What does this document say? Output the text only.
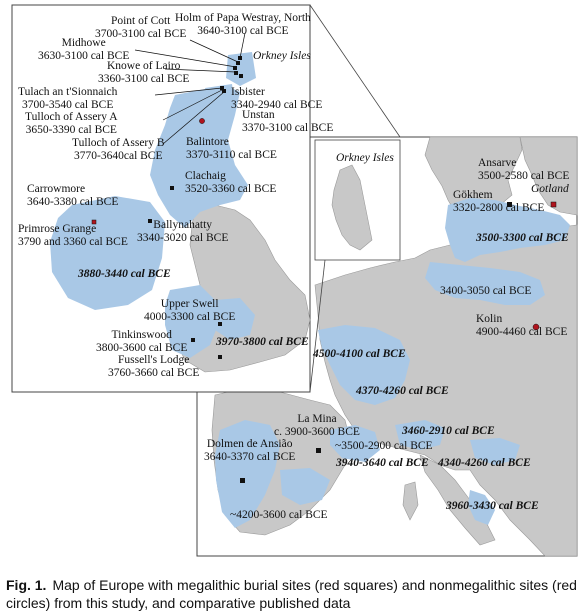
Holm of Papa Westray, North
3640-3100 cal BCE
Point of Cott
3700-3100 cal BCE
Orkney Isles
Midhowe
3630-3100 cal BCE
Knowe of Lairo
3360-3100 cal BCE
Tulach an t'Sionnaich
3700-3540 cal BCE
Isbister
3340-2940 cal BCE
Tulloch of Assery A
3650-3390 cal BCE
Unstan
3370-3100 cal BCE
Tulloch of Assery B
3770-3640cal BCE
Balintore
3370-3110 cal BCE
Clachaig
3520-3360 cal BCE
Carrowmore
3640-3380 cal BCE
Primrose Grange
3790 and 3360 cal BCE
Ballynahatty
3340-3020 cal BCE
3880-3440 cal BCE
Upper Swell
4000-3300 cal BCE
Tinkinswood
3800-3600 cal BCE 3970-3800 cal BCE
Fussell's Lodge
3760-3660 cal BCE
Orkney Isles	Ansarve
3500-2580 cal BCE
Gotland
Gökhem
3320-2800 cal BCE
3500-3300 cal BCE
3400-3050 cal BCE
Kolin
4900-4460 cal BCE
4500-4100 cal BCE
4370-4260 cal BCE
La Mina
c. 3900-3600 BCE	3460-2910 cal BCE
Dolmen de Ansião
3640-3370 cal BCE
~3500-2900 cal BCE
3940-3640 cal BCE 4340-4260 cal BCE
~4200-3600 cal BCE
3960-3430 cal BCE
Fig. 1. Map of Europe with megalithic burial sites (red squares) and nonmegalithic sites (red circles) from this study, and comparative published data
